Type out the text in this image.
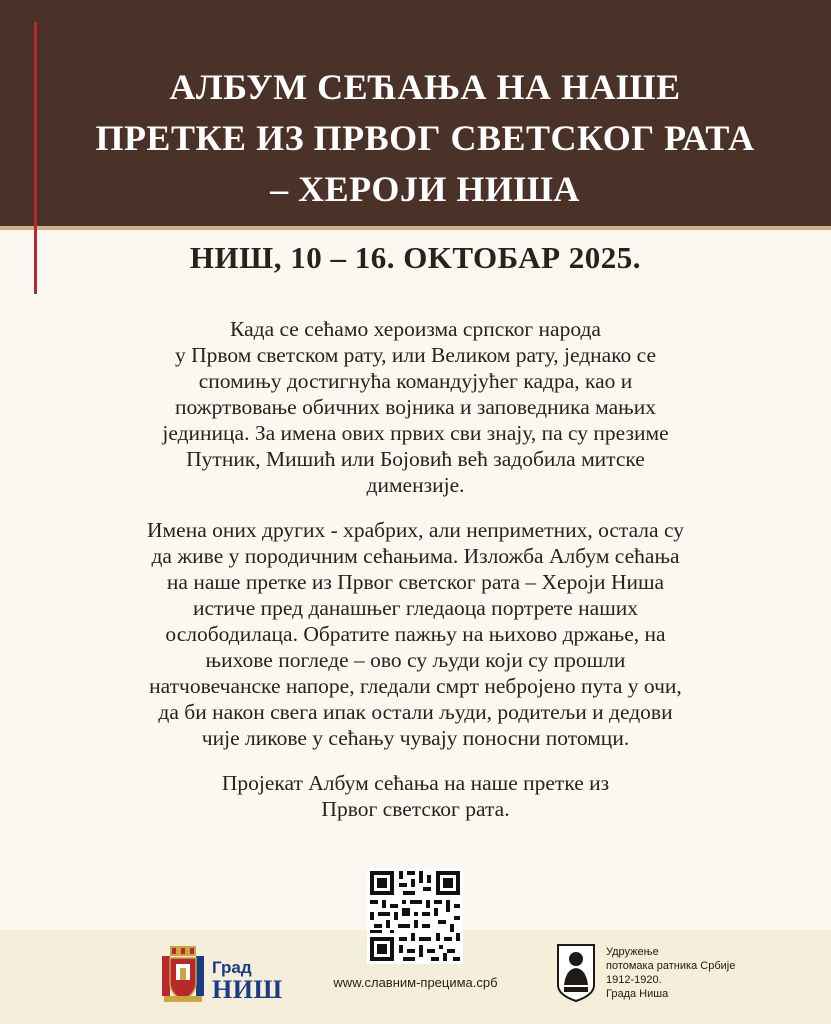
АЛБУМ СЕЋАЊА НА НАШЕ
ПРЕТКЕ ИЗ ПРВОГ СВЕТСКОГ РАТА
– ХЕРОЈИ НИША
НИШ, 10 – 16. OKTOБАР 2025.
Када се сећамо хероизма српског народа
у Првом светском рату, или Великом рату, једнако се
спомињу достигнућа командујућег кадра, као и
пожртвовање обичних војника и заповедника мањих
јединица. За имена ових првих сви знају, па су презиме
Путник, Мишић или Бојовић већ задобила митске
димензије.
Имена оних других - храбрих, али неприметних, остала су
да живе у породичним сећањима. Изложба Албум сећања
на наше претке из Првог светског рата – Хероји Ниша
истиче пред данашњег гледаоца портрете наших
ослободилаца. Обратите пажњу на њихово држање, на
њихове погледе – ово су људи који су прошли
натчовечанске напоре, гледали смрт небројено пута у очи,
да би након свега ипак остали људи, родитељи и дедови
чије ликове у сећању чувају поносни потомци.
Пројекат Албум сећања на наше претке из
Првог светског рата.
Град
НИШ	www.славним-прецима.срб
Удружење
потомака ратника Србије
1912-1920.
Града Ниша
